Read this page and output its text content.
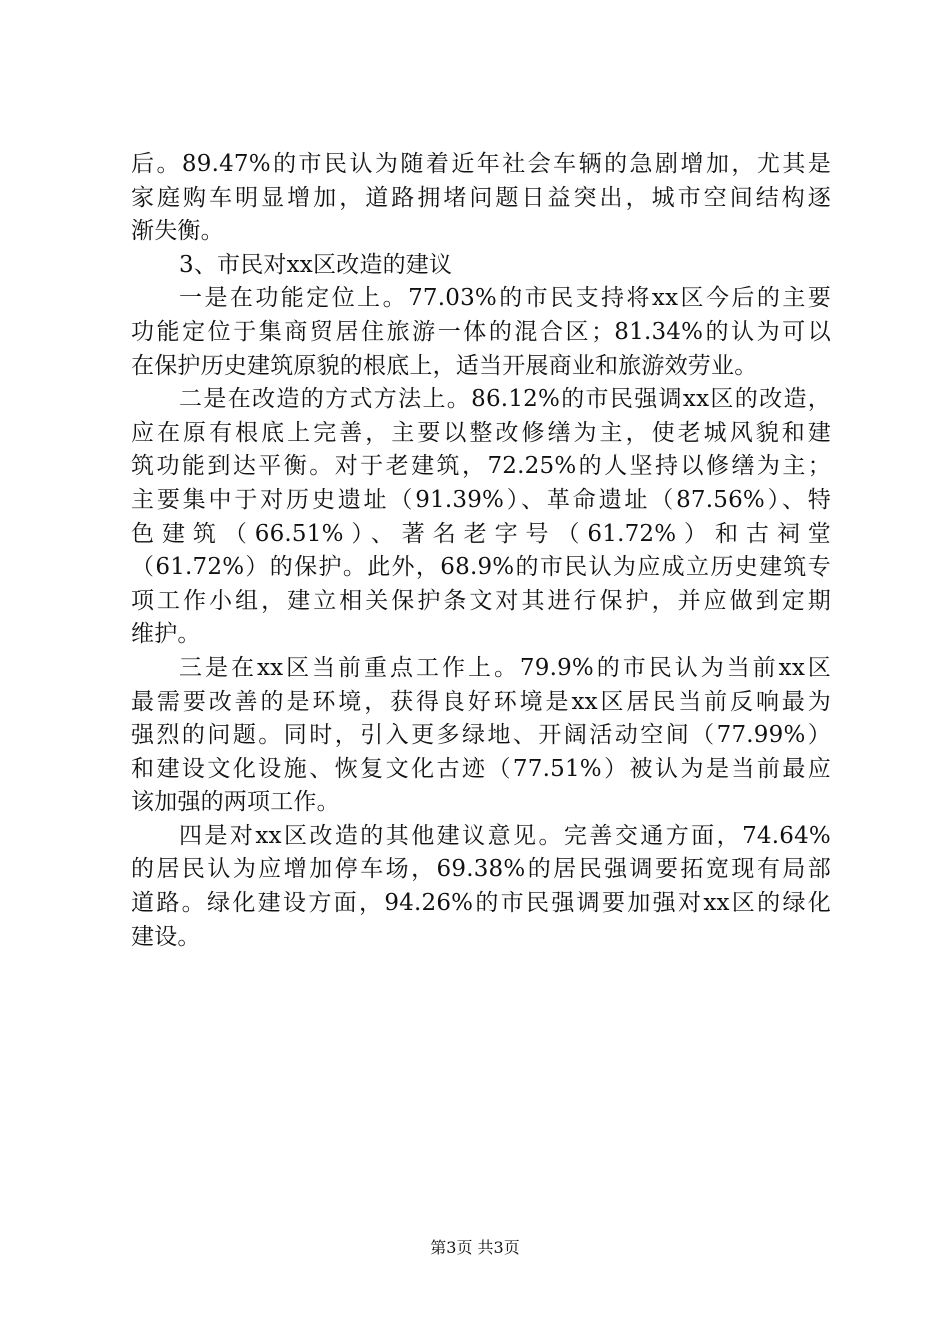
后。89.47%的市民认为随着近年社会车辆的急剧增加，尤其是
家庭购车明显增加，道路拥堵问题日益突出，城市空间结构逐
渐失衡。
3、市民对xx区改造的建议
一是在功能定位上。77.03%的市民支持将xx区今后的主要
功能定位于集商贸居住旅游一体的混合区；81.34%的认为可以
在保护历史建筑原貌的根底上，适当开展商业和旅游效劳业。
二是在改造的方式方法上。86.12%的市民强调xx区的改造，
应在原有根底上完善，主要以整改修缮为主，使老城风貌和建
筑功能到达平衡。对于老建筑，72.25%的人坚持以修缮为主；
主要集中于对历史遗址（91.39%）、革命遗址（87.56%）、特
色建筑（66.51%）、著名老字号（61.72%）和古祠堂
（61.72%）的保护。此外，68.9%的市民认为应成立历史建筑专
项工作小组，建立相关保护条文对其进行保护，并应做到定期
维护。
三是在xx区当前重点工作上。79.9%的市民认为当前xx区
最需要改善的是环境，获得良好环境是xx区居民当前反响最为
强烈的问题。同时，引入更多绿地、开阔活动空间（77.99%）
和建设文化设施、恢复文化古迹（77.51%）被认为是当前最应
该加强的两项工作。
四是对xx区改造的其他建议意见。完善交通方面，74.64%
的居民认为应增加停车场，69.38%的居民强调要拓宽现有局部
道路。绿化建设方面，94.26%的市民强调要加强对xx区的绿化
建设。
第3页 共3页
